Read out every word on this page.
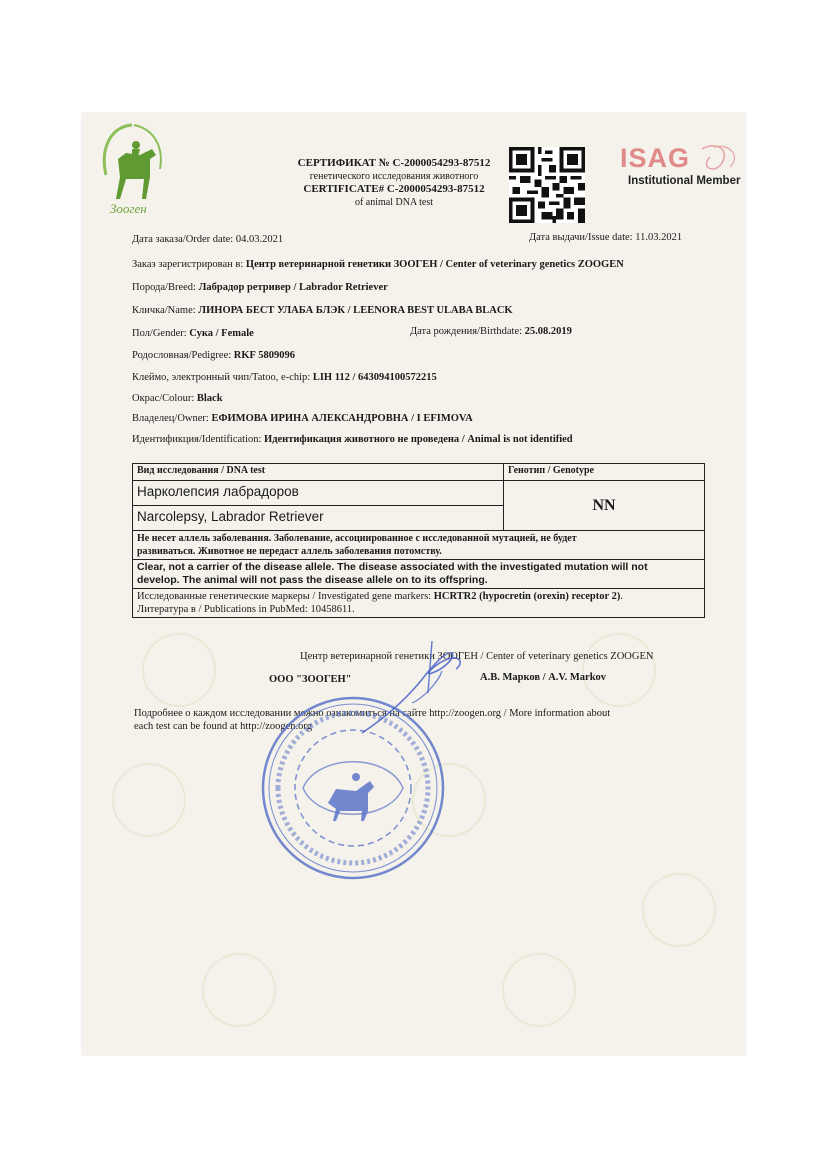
Зооген
СЕРТИФИКАТ № C-2000054293-87512
генетического исследования животного
CERTIFICATE# C-2000054293-87512
of animal DNA test
ISAG
Institutional Member
Дата заказа/Order date: 04.03.2021	Дата выдачи/Issue date: 11.03.2021
Заказ зарегистрирован в: Центр ветеринарной генетики ЗООГЕН / Center of veterinary genetics ZOOGEN
Порода/Breed: Лабрадор ретривер / Labrador Retriever
Кличка/Name: ЛИНОРА БЕСТ УЛАБА БЛЭК / LEENORA BEST ULABA BLACK
Пол/Gender: Сука / Female	Дата рождения/Birthdate: 25.08.2019
Родословная/Pedigree: RKF 5809096
Клеймо, электронный чип/Tatoo, e-chip: LIH 112 / 643094100572215
Окрас/Colour: Black
Владелец/Owner: ЕФИМОВА ИРИНА АЛЕКСАНДРОВНА / I EFIMOVA
Идентификция/Identification: Идентификация животного не проведена / Animal is not identified
Вид исследования / DNA test	Генотип / Genotype
Нарколепсия лабрадоров	NN
Narcolepsy, Labrador Retriever	

Не несет аллель заболевания. Заболевание, ассоциированное с исследованной мутацией, не будет
развиваться. Животное не передаст аллель заболевания потомству.	

Clear, not a carrier of the disease allele. The disease associated with the investigated mutation will not
develop. The animal will not pass the disease allele on to its offspring.	

Исследованные генетические маркеры / Investigated gene markers: HCRTR2 (hypocretin (orexin) receptor 2).
Литература в / Publications in PubMed: 10458611.	
Центр ветеринарной генетики ЗООГЕН / Center of veterinary genetics ZOOGEN
ООО "ЗООГЕН"	А.В. Марков / A.V. Markov
Подробнее о каждом исследовании можно ознакомиться на сайте http://zoogen.org / More information about
each test can be found at http://zoogen.org
